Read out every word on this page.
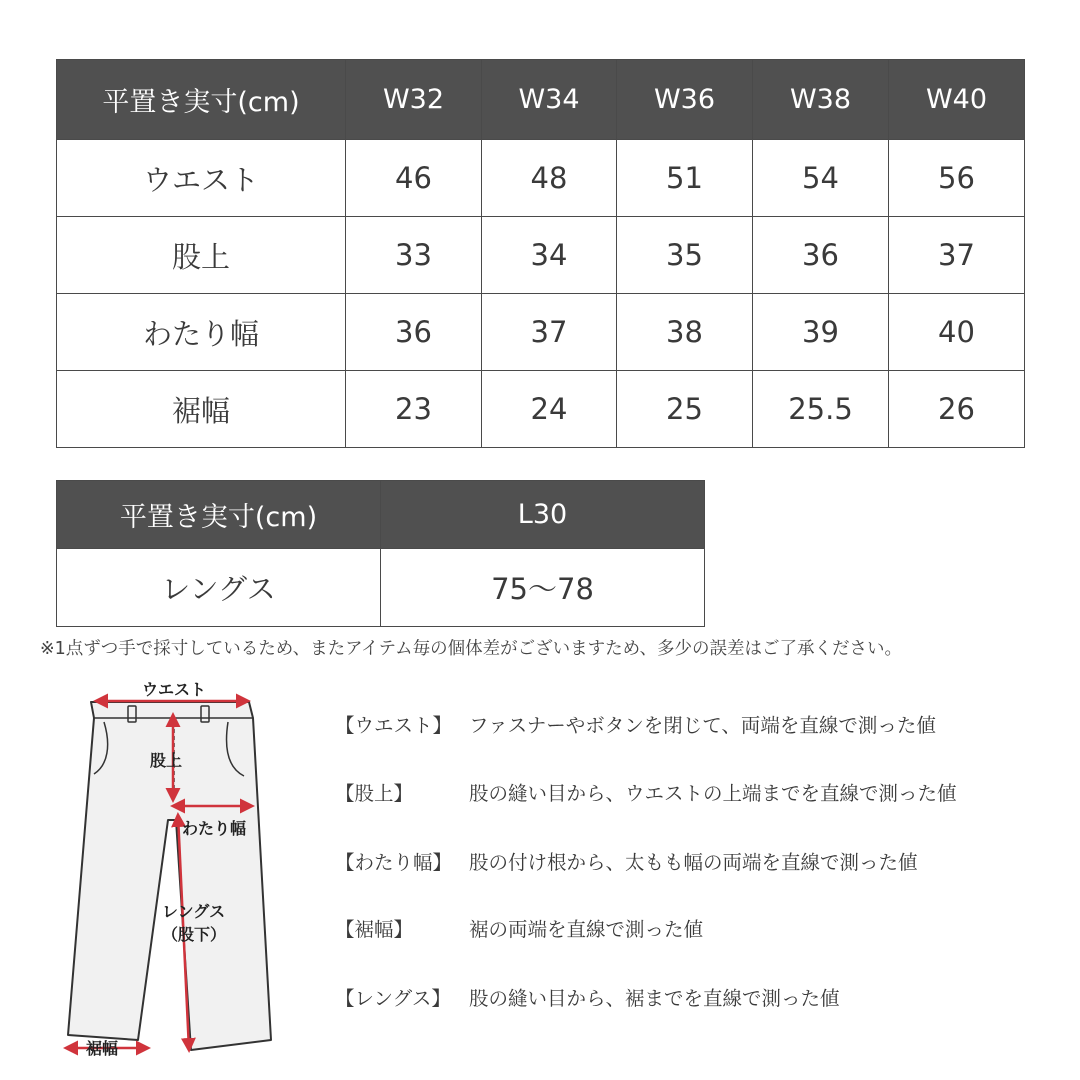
平置き実寸(cm)	W32	W34	W36	W38	W40
ウエスト	46	48	51	54	56
股上	33	34	35	36	37
わたり幅	36	37	38	39	40
裾幅	23	24	25	25.5	26
平置き実寸(cm)	L30
レングス	75〜78
※1点ずつ手で採寸しているため、またアイテム毎の個体差がございますため、多少の誤差はご了承ください。
ウエスト
股上
わたり幅
レングス
（股下）
裾幅
【ウエスト】 ファスナーやボタンを閉じて、両端を直線で測った値
【股上】	股の縫い目から、ウエストの上端までを直線で測った値
【わたり幅】 股の付け根から、太もも幅の両端を直線で測った値
【裾幅】	裾の両端を直線で測った値
【レングス】 股の縫い目から、裾までを直線で測った値
